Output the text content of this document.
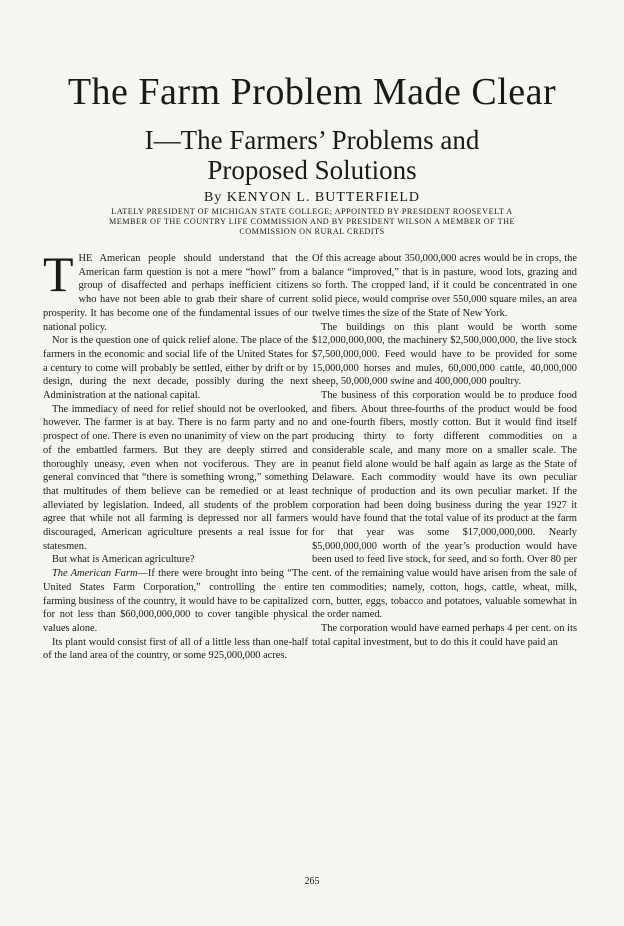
The Farm Problem Made Clear
I—The Farmers’ Problems and
Proposed Solutions

By KENYON L. BUTTERFIELD

LATELY PRESIDENT OF MICHIGAN STATE COLLEGE; APPOINTED BY PRESIDENT ROOSEVELT A
MEMBER OF THE COUNTRY LIFE COMMISSION AND BY PRESIDENT WILSON A MEMBER OF THE
COMMISSION ON RURAL CREDITS

THE American people should understand that the American farm question is not a mere “howl” from a group of disaffected and perhaps inefficient citizens who have not been able to grab their share of current prosperity. It has become one of the fundamental issues of our national policy.

Nor is the question one of quick relief alone. The place of the farmers in the economic and social life of the United States for a century to come will probably be settled, either by drift or by design, during the next decade, possibly during the next Administration at the national capital.

The immediacy of need for relief should not be overlooked, however. The farmer is at bay. There is no farm party and no prospect of one. There is even no unanimity of view on the part of the embattled farmers. But they are deeply stirred and thoroughly uneasy, even when not vociferous. They are in general convinced that “there is something wrong,” something that multitudes of them believe can be remedied or at least alleviated by legislation. Indeed, all students of the problem agree that while not all farming is depressed nor all farmers discouraged, American agriculture presents a real issue for statesmen.

But what is American agriculture?

The American Farm—If there were brought into being “The United States Farm Corporation,” controlling the entire farming business of the country, it would have to be capitalized for not less than $60,000,000,000 to cover tangible physical values alone.

Its plant would consist first of all of a little less than one-half of the land area of the country, or some 925,000,000 acres.

Of this acreage about 350,000,000 acres would be in crops, the balance “improved,” that is in pasture, wood lots, grazing and so forth. The cropped land, if it could be concentrated in one solid piece, would comprise over 550,000 square miles, an area twelve times the size of the State of New York.

The buildings on this plant would be worth some $12,000,000,000, the machinery $2,500,000,000, the live stock $7,500,000,000. Feed would have to be provided for some 15,000,000 horses and mules, 60,000,000 cattle, 40,000,000 sheep, 50,000,000 swine and 400,000,000 poultry.

The business of this corporation would be to produce food and fibers. About three-fourths of the product would be food and one-fourth fibers, mostly cotton. But it would find itself producing thirty to forty different commodities on a considerable scale, and many more on a smaller scale. The peanut field alone would be half again as large as the State of Delaware. Each commodity would have its own peculiar technique of production and its own peculiar market. If the corporation had been doing business during the year 1927 it would have found that the total value of its product at the farm for that year was some $17,000,000,000. Nearly $5,000,000,000 worth of the year’s production would have been used to feed live stock, for seed, and so forth. Over 80 per cent. of the remaining value would have arisen from the sale of ten commodities; namely, cotton, hogs, cattle, wheat, milk, corn, butter, eggs, tobacco and potatoes, valuable somewhat in the order named.

The corporation would have earned perhaps 4 per cent. on its total capital investment, but to do this it could have paid an

265
